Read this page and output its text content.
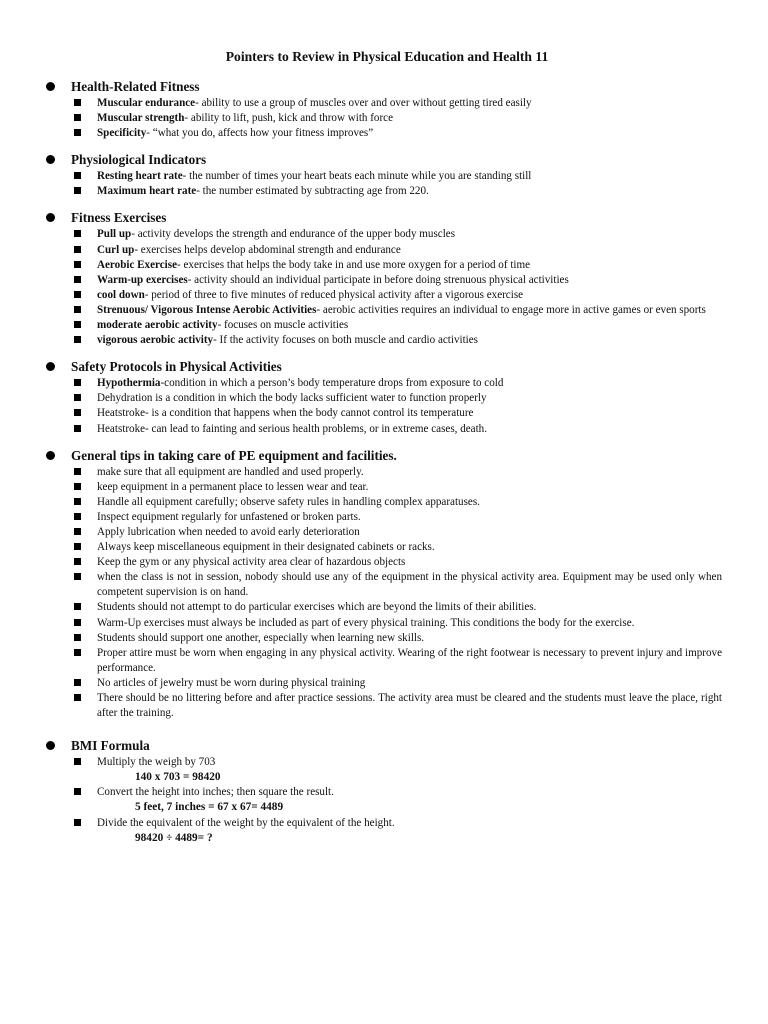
Pointers to Review in Physical Education and Health 11
Health-Related Fitness
Muscular endurance- ability to use a group of muscles over and over without getting tired easily
Muscular strength- ability to lift, push, kick and throw with force
Specificity- “what you do, affects how your fitness improves”
Physiological Indicators
Resting heart rate- the number of times your heart beats each minute while you are standing still
Maximum heart rate- the number estimated by subtracting age from 220.
Fitness Exercises
Pull up- activity develops the strength and endurance of the upper body muscles
Curl up- exercises helps develop abdominal strength and endurance
Aerobic Exercise- exercises that helps the body take in and use more oxygen for a period of time
Warm-up exercises- activity should an individual participate in before doing strenuous physical activities
cool down- period of three to five minutes of reduced physical activity after a vigorous exercise
Strenuous/ Vigorous Intense Aerobic Activities- aerobic activities requires an individual to engage more in active games or even sports
moderate aerobic activity- focuses on muscle activities
vigorous aerobic activity- If the activity focuses on both muscle and cardio activities
Safety Protocols in Physical Activities
Hypothermia-condition in which a person’s body temperature drops from exposure to cold
Dehydration is a condition in which the body lacks sufficient water to function properly
Heatstroke- is a condition that happens when the body cannot control its temperature
Heatstroke- can lead to fainting and serious health problems, or in extreme cases, death.
General tips in taking care of PE equipment and facilities.
make sure that all equipment are handled and used properly.
keep equipment in a permanent place to lessen wear and tear.
Handle all equipment carefully; observe safety rules in handling complex apparatuses.
Inspect equipment regularly for unfastened or broken parts.
Apply lubrication when needed to avoid early deterioration
Always keep miscellaneous equipment in their designated cabinets or racks.
Keep the gym or any physical activity area clear of hazardous objects
when the class is not in session, nobody should use any of the equipment in the physical activity area. Equipment may be used only when competent supervision is on hand.
Students should not attempt to do particular exercises which are beyond the limits of their abilities.
Warm-Up exercises must always be included as part of every physical training. This conditions the body for the exercise.
Students should support one another, especially when learning new skills.
Proper attire must be worn when engaging in any physical activity. Wearing of the right footwear is necessary to prevent injury and improve performance.
No articles of jewelry must be worn during physical training
There should be no littering before and after practice sessions. The activity area must be cleared and the students must leave the place, right after the training.
BMI Formula
Multiply the weigh by 703
140 x 703 = 98420
Convert the height into inches; then square the result.
5 feet, 7 inches = 67 x 67= 4489
Divide the equivalent of the weight by the equivalent of the height.
98420 ÷ 4489= ?
